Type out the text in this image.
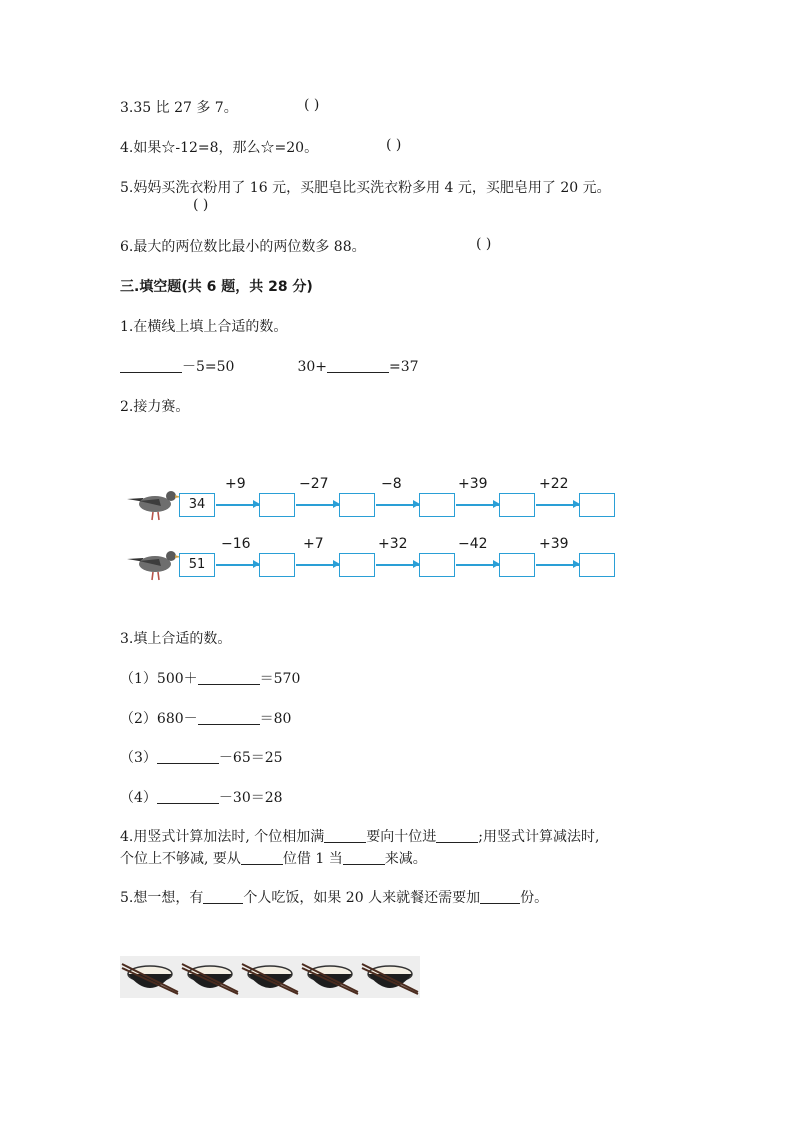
3.35 比 27 多 7。	( )
4.如果☆-12=8，那么☆=20。	( )
5.妈妈买洗衣粉用了 16 元，买肥皂比买洗衣粉多用 4 元，买肥皂用了 20 元。
( )
6.最大的两位数比最小的两位数多 88。	( )
三.填空题(共 6 题，共 28 分)
1.在横线上填上合适的数。
－5=50	30+	=37
2.接力赛。
34
+9	−27	−8	+39	+22
51
−16	+7	+32	−42	+39
3.填上合适的数。
（1）500＋	＝570
（2）680－	＝80
（3）	－65＝25
（4）	－30＝28
4.用竖式计算加法时, 个位相加满	要向十位进	;用竖式计算减法时,
个位上不够减, 要从	位借 1 当	来减。
5.想一想，有	个人吃饭，如果 20 人来就餐还需要加	份。
